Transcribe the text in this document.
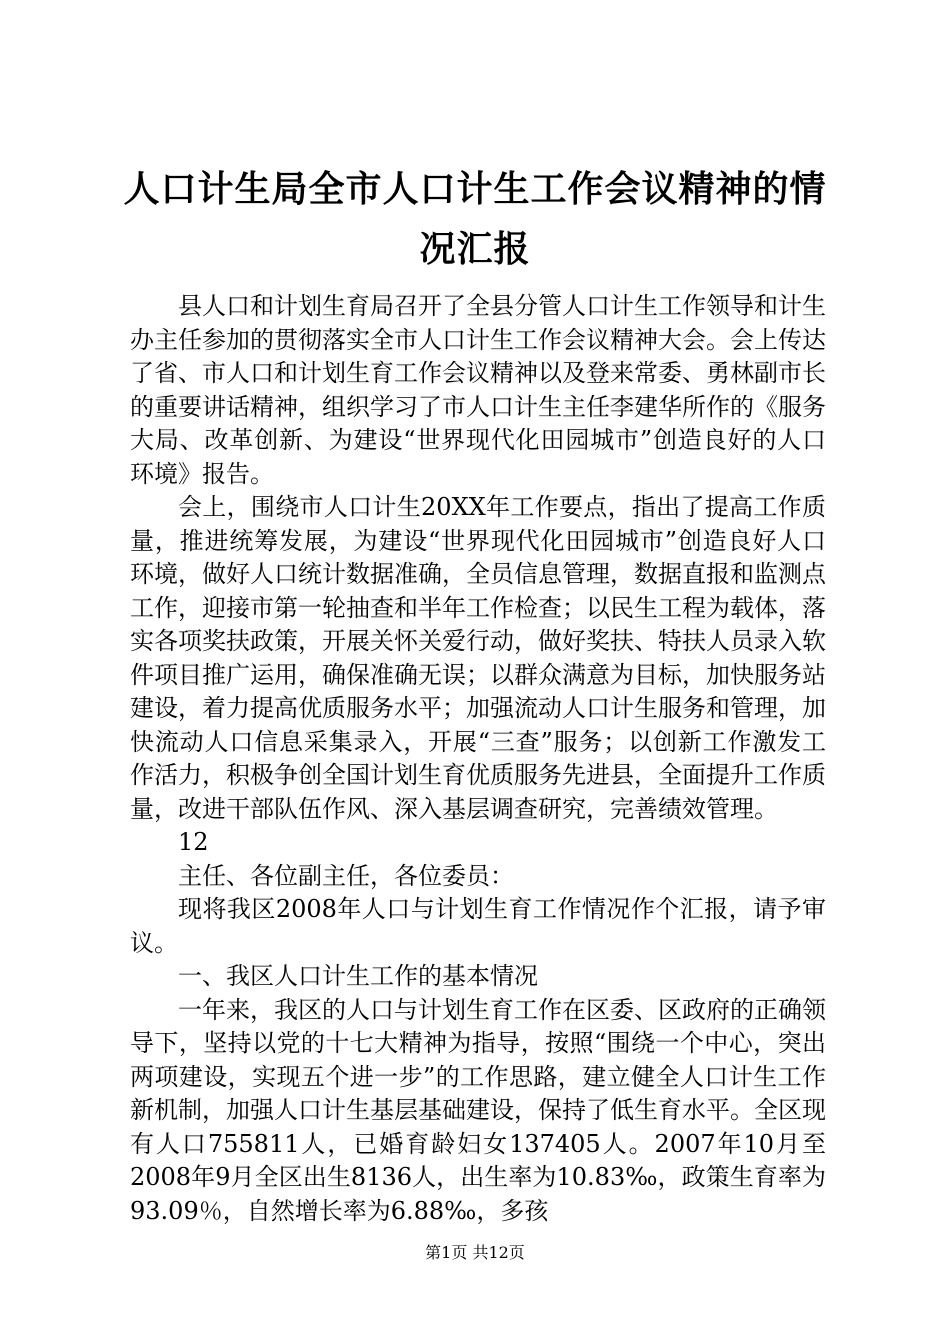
人口计生局全市人口计生工作会议精神的情况汇报

县人口和计划生育局召开了全县分管人口计生工作领导和计生办主任参加的贯彻落实全市人口计生工作会议精神大会。会上传达了省、市人口和计划生育工作会议精神以及登来常委、勇林副市长的重要讲话精神，组织学习了市人口计生主任李建华所作的《服务大局、改革创新、为建设“世界现代化田园城市”创造良好的人口环境》报告。

会上，围绕市人口计生20XX年工作要点，指出了提高工作质量，推进统筹发展，为建设“世界现代化田园城市”创造良好人口环境，做好人口统计数据准确，全员信息管理，数据直报和监测点工作，迎接市第一轮抽查和半年工作检查；以民生工程为载体，落实各项奖扶政策，开展关怀关爱行动，做好奖扶、特扶人员录入软件项目推广运用，确保准确无误；以群众满意为目标，加快服务站建设，着力提高优质服务水平；加强流动人口计生服务和管理，加快流动人口信息采集录入，开展“三查”服务；以创新工作激发工作活力，积极争创全国计划生育优质服务先进县，全面提升工作质量，改进干部队伍作风、深入基层调查研究，完善绩效管理。

12

主任、各位副主任，各位委员：

现将我区2008年人口与计划生育工作情况作个汇报，请予审议。

一、我区人口计生工作的基本情况

一年来，我区的人口与计划生育工作在区委、区政府的正确领导下，坚持以党的十七大精神为指导，按照“围绕一个中心，突出两项建设，实现五个进一步”的工作思路，建立健全人口计生工作新机制，加强人口计生基层基础建设，保持了低生育水平。全区现有人口755811人，已婚育龄妇女137405人。2007年10月至2008年9月全区出生8136人，出生率为10.83‰，政策生育率为93.09％，自然增长率为6.88‰，多孩

第1页 共12页
